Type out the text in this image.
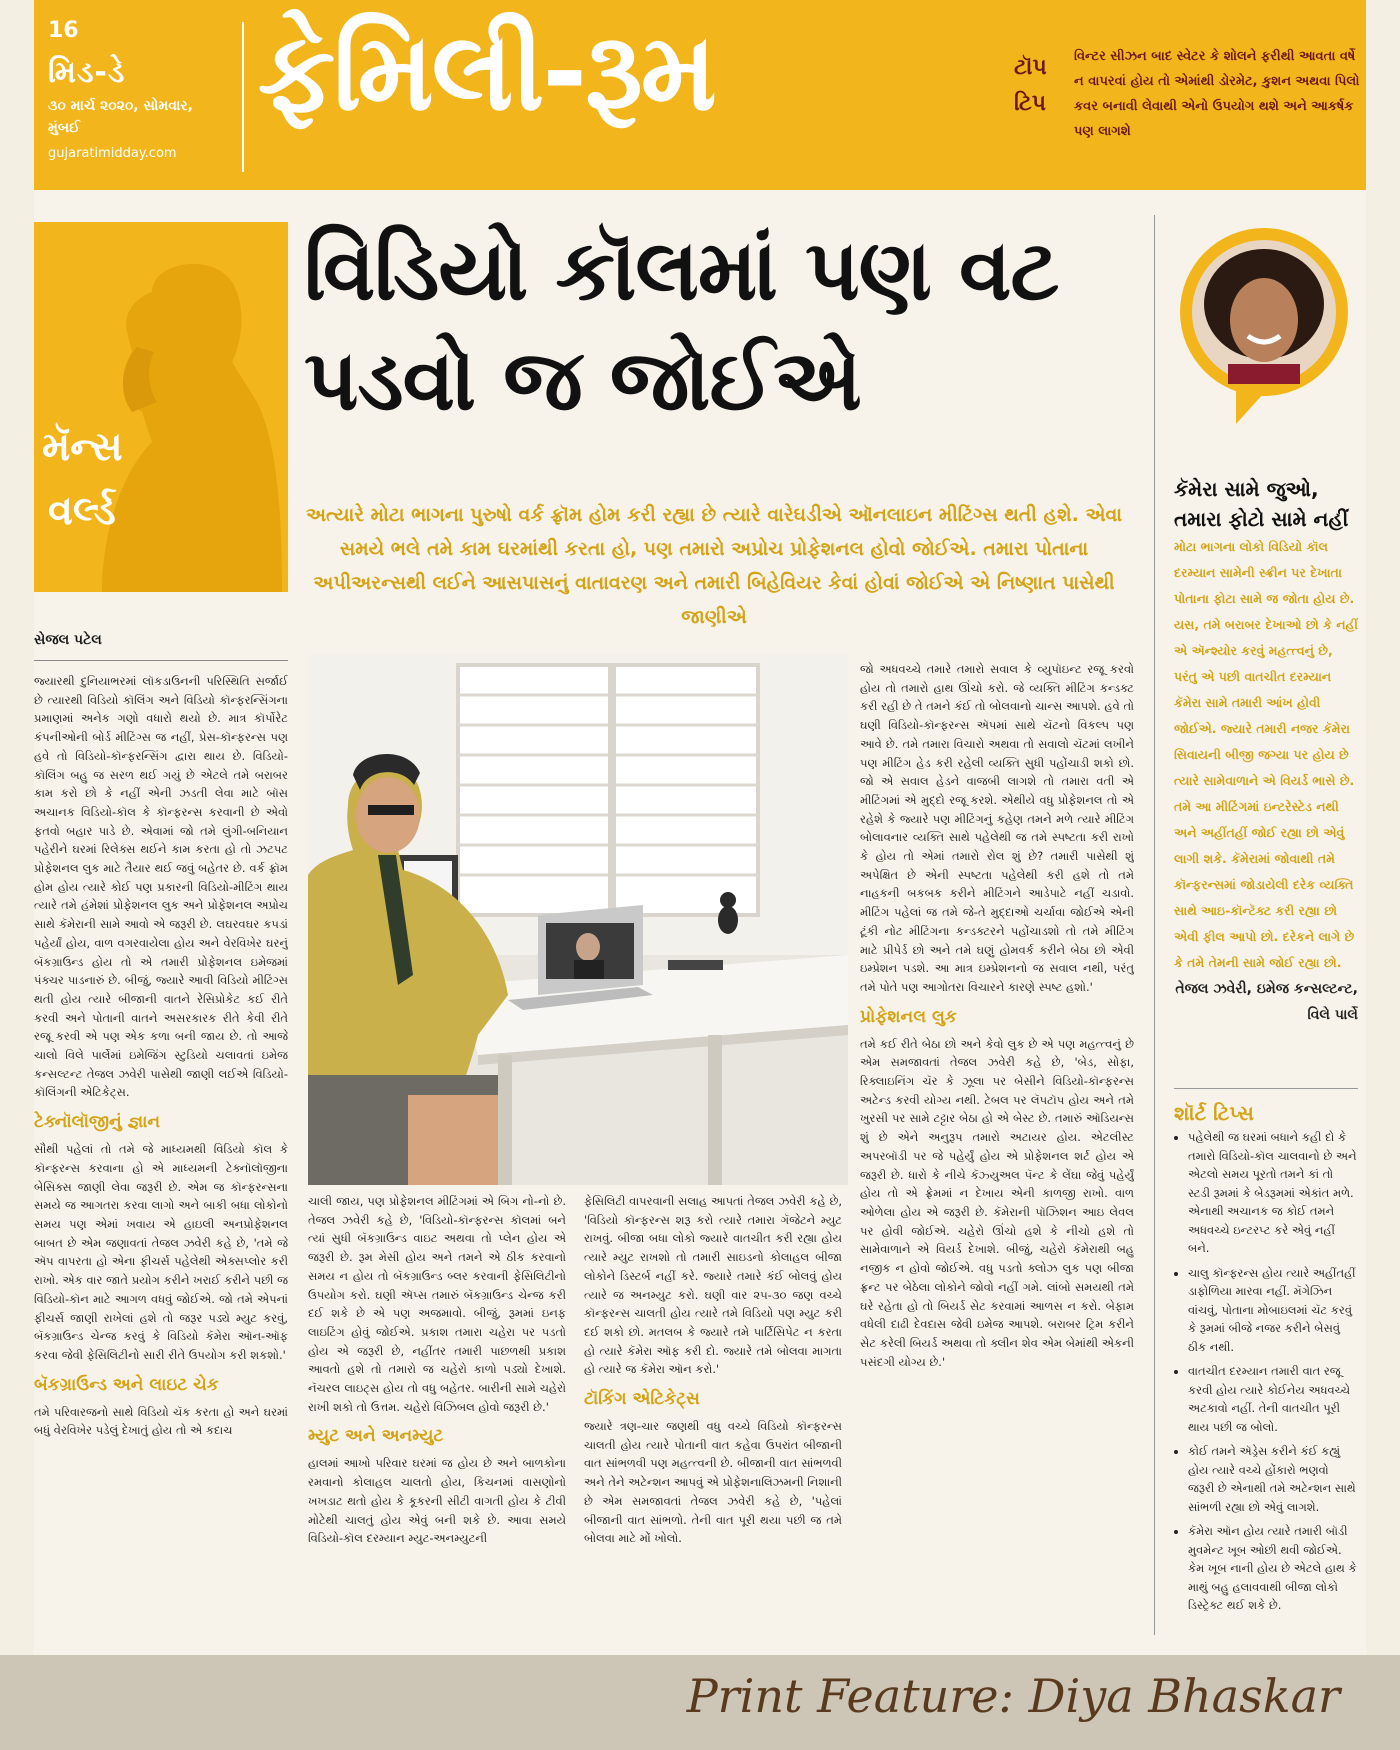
16
મિડ-ડે
૩૦ માર્ચ ૨૦૨૦, સોમવાર, મુંબઈ
gujaratimidday.com
ફેમિલી-રૂમ	ટૉપ ટિપ
વિન્ટર સીઝન બાદ સ્વેટર કે શોલને ફરીથી આવતા વર્ષે ન વાપરવાં હોય તો એમાંથી ડોરમેટ, કુશન અથવા પિલો કવર બનાવી લેવાથી એનો ઉપયોગ થશે અને આકર્ષક પણ લાગશે
મૅન્સ
વર્લ્ડ
સેજલ પટેલ
વિડિયો કૉલમાં પણ વટ પડવો જ જોઈએ
અત્યારે મોટા ભાગના પુરુષો વર્ક ફ્રૉમ હોમ કરી રહ્યા છે ત્યારે વારેઘડીએ ઑનલાઇન મીટિંગ્સ થતી હશે. એવા સમયે ભલે તમે કામ ઘરમાંથી કરતા હો, પણ તમારો અપ્રોચ પ્રોફેશનલ હોવો જોઈએ. તમારા પોતાના અપીઅરન્સથી લઈને આસપાસનું વાતાવરણ અને તમારી બિહેવિયર કેવાં હોવાં જોઈએ એ નિષ્ણાત પાસેથી જાણીએ

જ્યારથી દુનિયાભરમાં લૉકડાઉનની પરિસ્થિતિ સર્જાઈ છે ત્યારથી વિડિયો કૉલિંગ અને વિડિયો કૉન્ફરન્સિંગના પ્રમાણમાં અનેક ગણો વધારો થયો છે. માત્ર કૉર્પોરેટ કંપનીઓની બોર્ડ મીટિંગ્સ જ નહીં, પ્રેસ-કૉન્ફરન્સ પણ હવે તો વિડિયો-કૉન્ફરન્સિંગ દ્વારા થાય છે. વિડિયો-કૉલિંગ બહુ જ સરળ થઈ ગયું છે એટલે તમે બરાબર કામ કરો છો કે નહીં એની ઝડતી લેવા માટે બૉસ અચાનક વિડિયો-કૉલ કે કૉન્ફરન્સ કરવાની છે એવો ફતવો બહાર પાડે છે. એવામાં જો તમે લુંગી-બનિયાન પહેરીને ઘરમાં રિલેક્સ થઈને કામ કરતા હો તો ઝટપટ પ્રોફેશનલ લુક માટે તૈયાર થઈ જવું બહેતર છે. વર્ક ફ્રૉમ હોમ હોય ત્યારે કોઈ પણ પ્રકારની વિડિયો-મીટિંગ થાય ત્યારે તમે હંમેશાં પ્રોફેશનલ લુક અને પ્રોફેશનલ અપ્રોચ સાથે કૅમેરાની સામે આવો એ જરૂરી છે. લઘરવઘર કપડાં પહેર્યાં હોય, વાળ વગરવાયેલા હોય અને વેરવિખેર ઘરનું બૅકગ્રાઉન્ડ હોય તો એ તમારી પ્રોફેશનલ ઇમેજમાં પંક્ચર પાડનારું છે. બીજું, જ્યારે આવી વિડિયો મીટિંગ્સ થતી હોય ત્યારે બીજાની વાતને રેસિપ્રોકેટ કઈ રીતે કરવી અને પોતાની વાતને અસરકારક રીતે કેવી રીતે રજૂ કરવી એ પણ એક કળા બની જાય છે. તો આજે ચાલો વિલે પાર્લેમાં ઇમેજિંગ સ્ટુડિયો ચલાવતાં ઇમેજ કન્સલ્ટન્ટ તેજલ ઝવેરી પાસેથી જાણી લઈએ વિડિયો-કૉલિંગની એટિકેટ્સ.

ટેક્નૉલૉજીનું જ્ઞાન

સૌથી પહેલાં તો તમે જે માધ્યમથી વિડિયો કૉલ કે કૉન્ફરન્સ કરવાના હો એ માધ્યમની ટેક્નૉલૉજીના બેસિક્સ જાણી લેવા જરૂરી છે. એમ જ કૉન્ફરન્સના સમયે જ આગતરા કરવા લાગો અને બાકી બધા લોકોનો સમય પણ એમાં ખવાય એ હાઇલી અનપ્રોફેશનલ બાબત છે એમ જણાવતાં તેજલ ઝવેરી કહે છે, 'તમે જે ઍપ વાપરતા હો એના ફીચર્સ પહેલેથી એક્સપ્લોર કરી રાખો. એક વાર જાતે પ્રયોગ કરીને ખરાઈ કરીને પછી જ વિડિયો-કૉન માટે આગળ વધવું જોઈએ. જો તમે એપનાં ફીચર્સ જાણી રાખેલાં હશે તો જરૂર પડ્યે મ્યુટ કરવું, બૅકગ્રાઉન્ડ ચેન્જ કરવું કે વિડિયો કૅમેરા ઑન-ઑફ કરવા જેવી ફેસિલિટીનો સારી રીતે ઉપયોગ કરી શકશો.'

બૅકગ્રાઉન્ડ અને લાઇટ ચેક

તમે પરિવારજનો સાથે વિડિયો ચૅક કરતા હો અને ઘરમાં બધું વેરવિખેર પડેલું દેખાતું હોય તો એ કદાચ

ચાલી જાય, પણ પ્રોફેશનલ મીટિંગમાં એ બિગ નો-નો છે. તેજલ ઝવેરી કહે છે, 'વિડિયો-કૉન્ફરન્સ કૉલમાં બને ત્યાં સુધી બૅકગ્રાઉન્ડ વાઇટ અથવા તો પ્લેન હોય એ જરૂરી છે. રૂમ મેસી હોય અને તમને એ ઠીક કરવાનો સમય ન હોય તો બૅકગ્રાઉન્ડ બ્લર કરવાની ફેસિલિટીનો ઉપયોગ કરો. ઘણી ઍપ્સ તમારું બૅકગ્રાઉન્ડ ચેન્જ કરી દઈ શકે છે એ પણ અજમાવો. બીજું, રૂમમાં ઇનફ લાઇટિંગ હોવું જોઈએ. પ્રકાશ તમારા ચહેરા પર પડતો હોય એ જરૂરી છે, નહીંતર તમારી પાછળથી પ્રકાશ આવતો હશે તો તમારો જ ચહેરો કાળો પડ્યો દેખાશે. નૅચરલ લાઇટ્સ હોય તો વધુ બહેતર. બારીની સામે ચહેરો રાખી શકો તો ઉત્તમ. ચહેરો વિઝિબલ હોવો જરૂરી છે.'

મ્યુટ અને અનમ્યુટ

હાલમાં આખો પરિવાર ઘરમાં જ હોય છે અને બાળકોના રમવાનો કોલાહલ ચાલતો હોય, કિચનમાં વાસણોનો ખખડાટ થતો હોય કે કૂકરની સીટી વાગતી હોય કે ટીવી મોટેથી ચાલતું હોય એવું બની શકે છે. આવા સમયે વિડિયો-કૉલ દરમ્યાન મ્યુટ-અનમ્યુટની

ફેસિલિટી વાપરવાની સલાહ આપતાં તેજલ ઝવેરી કહે છે, 'વિડિયો કૉન્ફરન્સ શરૂ કરો ત્યારે તમારા ગૅજેટને મ્યુટ રાખવું. બીજા બધા લોકો જ્યારે વાતચીત કરી રહ્યા હોય ત્યારે મ્યુટ રાખશો તો તમારી સાઇડનો કોલાહલ બીજા લોકોને ડિસ્ટર્બ નહીં કરે. જ્યારે તમારે કંઈ બોલવું હોય ત્યારે જ અનમ્યુટ કરો. ઘણી વાર ૨૫-૩૦ જણ વચ્ચે કૉન્ફરન્સ ચાલતી હોય ત્યારે તમે વિડિયો પણ મ્યુટ કરી દઈ શકો છો. મતલબ કે જ્યારે તમે પાર્ટિસિપેટ ન કરતા હો ત્યારે કૅમેરા ઑફ કરી દો. જ્યારે તમે બોલવા માગતા હો ત્યારે જ કૅમેરા ઑન કરો.'

ટૉકિંગ એટિકેટ્સ

જ્યારે ત્રણ-ચાર જણથી વધુ વચ્ચે વિડિયો કૉન્ફરન્સ ચાલતી હોય ત્યારે પોતાની વાત કહેવા ઉપરાંત બીજાની વાત સાંભળવી પણ મહત્ત્વની છે. બીજાની વાત સાંભળવી અને તેને અટેન્શન આપવું એ પ્રોફેશનાલિઝમની નિશાની છે એમ સમજાવતાં તેજલ ઝવેરી કહે છે, 'પહેલાં બીજાની વાત સાંભળો. તેની વાત પૂરી થયા પછી જ તમે બોલવા માટે મોં ખોલો.

જો અધવચ્ચે તમારે તમારો સવાલ કે વ્યુપૉઇન્ટ રજૂ કરવો હોય તો તમારો હાથ ઊંચો કરો. જે વ્યક્તિ મીટિંગ કન્ડક્ટ કરી રહી છે તે તમને કંઈ તો બોલવાનો ચાન્સ આપશે. હવે તો ઘણી વિડિયો-કૉન્ફરન્સ ઍપમાં સાથે ચૅટનો વિકલ્પ પણ આવે છે. તમે તમારા વિચારો અથવા તો સવાલો ચૅટમાં લખીને પણ મીટિંગ હેડ કરી રહેલી વ્યક્તિ સુધી પહોંચાડી શકો છો. જો એ સવાલ હેડને વાજબી લાગશે તો તમારા વતી એ મીટિંગમાં એ મુદ્દો રજૂ કરશે. એથીયે વધુ પ્રોફેશનલ તો એ રહેશે કે જ્યારે પણ મીટિંગનું કહેણ તમને મળે ત્યારે મીટિંગ બોલાવનાર વ્યક્તિ સાથે પહેલેથી જ તમે સ્પષ્ટતા કરી રાખો કે હોય તો એમાં તમારો રોલ શું છે? તમારી પાસેથી શું અપેક્ષિત છે એની સ્પષ્ટતા પહેલેથી કરી હશે તો તમે નાહકની બકબક કરીને મીટિંગને આડેપાટે નહીં ચડાવો. મીટિંગ પહેલાં જ તમે જે-તે મુદ્દાઓ ચર્ચાવા જોઈએ એની ટૂંકી નોટ મીટિંગના કન્ડક્ટરને પહોંચાડશો તો તમે મીટિંગ માટે પ્રીપેર્ડ છો અને તમે ઘણું હોમવર્ક કરીને બેઠા છો એવી ઇમ્પ્રેશન પડશે. આ માત્ર ઇમ્પ્રેશનનો જ સવાલ નથી, પરંતુ તમે પોતે પણ આગોતરા વિચારને કારણે સ્પષ્ટ હશો.'

પ્રોફેશનલ લુક

તમે કઈ રીતે બેઠા છો અને કેવો લુક છે એ પણ મહત્ત્વનું છે એમ સમજાવતાં તેજલ ઝવેરી કહે છે, 'બેડ, સોફા, રિક્લાઇનિંગ ચૅર કે ઝૂલા પર બેસીને વિડિયો-કૉન્ફરન્સ અટેન્ડ કરવી યોગ્ય નથી. ટેબલ પર લૅપટૉપ હોય અને તમે ખુરસી પર સામે ટટ્ટાર બેઠા હો એ બેસ્ટ છે. તમારું ઑડિયન્સ શું છે એને અનુરૂપ તમારો અટાયર હોય. એટલીસ્ટ અપરબૉડી પર જે પહેર્યું હોય એ પ્રોફેશનલ શર્ટ હોય એ જરૂરી છે. ધારો કે નીચે કૅઝ્યુઅલ પૅન્ટ કે લેંઘા જેવું પહેર્યું હોય તો એ ફ્રેમમાં ન દેખાય એની કાળજી રાખો. વાળ ઓળેલા હોય એ જરૂરી છે. કૅમેરાની પૉઝિશન આઇ લેવલ પર હોવી જોઈએ. ચહેરો ઊંચો હશે કે નીચો હશે તો સામેવાળાને એ વિયર્ડ દેખાશે. બીજું, ચહેરો કૅમેરાથી બહુ નજીક ન હોવો જોઈએ. વધુ પડતો ક્લોઝ લુક પણ બીજા ફ્રન્ટ પર બેઠેલા લોકોને જોવો નહીં ગમે. લાંબો સમયથી તમે ઘરે રહેતા હો તો બિયર્ડ સેટ કરવામાં આળસ ન કરો. બેફામ વધેલી દાઢી દેવદાસ જેવી ઇમેજ આપશે. બરાબર ટ્રિમ કરીને સેટ કરેલી બિયર્ડ અથવા તો ક્લીન શેવ એમ બેમાંથી એકની પસંદગી યોગ્ય છે.'

કૅમેરા સામે જુઓ, તમારા ફોટો સામે નહીં
મોટા ભાગના લોકો વિડિયો કૉલ દરમ્યાન સામેની સ્ક્રીન પર દેખાતા પોતાના ફોટા સામે જ જોતા હોય છે. યસ, તમે બરાબર દેખાઓ છો કે નહીં એ ઍન્શ્યોર કરવું મહત્ત્વનું છે, પરંતુ એ પછી વાતચીત દરમ્યાન કૅમેરા સામે તમારી આંખ હોવી જોઈએ. જ્યારે તમારી નજર કૅમેરા સિવાયની બીજી જગ્યા પર હોય છે ત્યારે સામેવાળાને એ વિયર્ડ ભાસે છે. તમે આ મીટિંગમાં ઇન્ટરેસ્ટેડ નથી અને અહીંતહીં જોઈ રહ્યા છો એવું લાગી શકે. કૅમેરામાં જોવાથી તમે કૉન્ફરન્સમાં જોડાયેલી દરેક વ્યક્તિ સાથે આઇ-કૉન્ટૅક્ટ કરી રહ્યા છો એવી ફીલ આપો છો. દરેકને લાગે છે કે તમે તેમની સામે જોઈ રહ્યા છો.
તેજલ ઝવેરી, ઇમેજ કન્સલ્ટન્ટ, વિલે પાર્લે
શૉર્ટ ટિપ્સ
• પહેલેથી જ ઘરમાં બધાને કહી દો કે તમારો વિડિયો-કૉલ ચાલવાનો છે અને એટલો સમય પૂરતો તમને કાં તો સ્ટડી રૂમમાં કે બેડરૂમમાં એકાંત મળે. એનાથી અચાનક જ કોઈ તમને અધવચ્ચે ઇન્ટરપ્ટ કરે એવું નહીં બને.
• ચાલુ કૉન્ફરન્સ હોય ત્યારે અહીંતહીં ડાફોળિયા મારવા નહીં. મૅગેઝિન વાંચવું, પોતાના મોબાઇલમાં ચૅટ કરવું કે રૂમમાં બીજે નજર કરીને બેસવું ઠીક નથી.
• વાતચીત દરમ્યાન તમારી વાત રજૂ કરવી હોય ત્યારે કોઈનેય અધવચ્ચે અટકાવો નહીં. તેની વાતચીત પૂરી થાય પછી જ બોલો.
• કોઈ તમને ઍડ્રેસ કરીને કંઈ કહ્યું હોય ત્યારે વચ્ચે હોંકારો ભણવો જરૂરી છે એનાથી તમે અટેન્શન સાથે સાંભળી રહ્યા છો એવું લાગશે.
• કૅમેરા ઑન હોય ત્યારે તમારી બૉડી મુવમેન્ટ ખૂબ ઓછી થવી જોઈએ. કેમ ખૂબ નાની હોય છે એટલે હાથ કે માથું બહુ હલાવવાથી બીજા લોકો ડિસ્ટ્રેક્ટ થઈ શકે છે.
Print Feature: Diya Bhaskar
